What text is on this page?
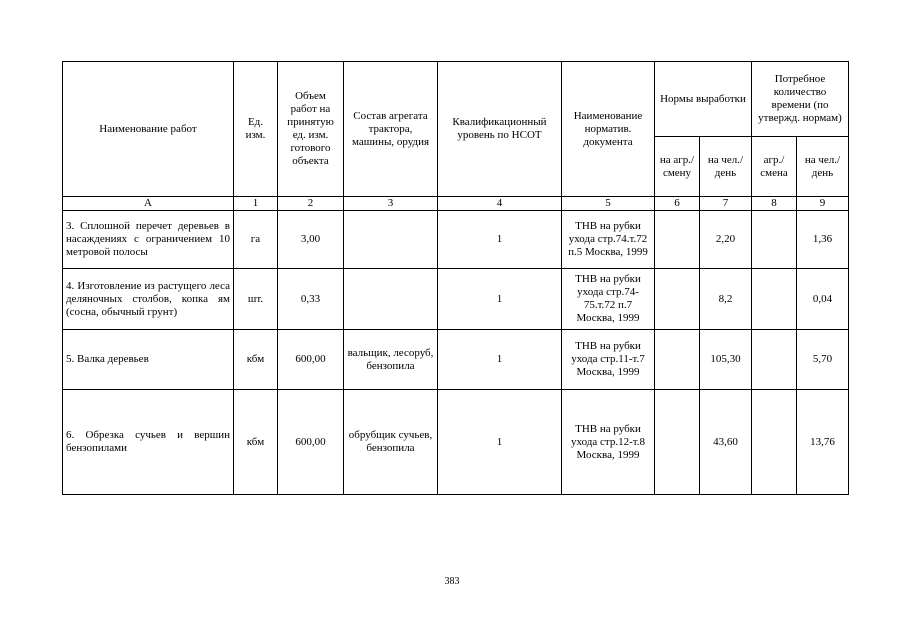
Наименование работ	Ед. изм.	Объем работ на принятую ед. изм. готового объекта	Состав агрегата трактора, машины, орудия	Квалификационный уровень по НСОТ	Наименование норматив. документа	Нормы выработки		Потребное количество времени (по утвержд. нормам)	
						на агр./ смену	на чел./ день	агр./ смена	на чел./ день
А	1	2	3	4	5	6	7	8	9
3. Сплошной перечет деревьев в насаждениях с ограничением 10 метровой полосы	га	3,00		1	ТНВ на рубки ухода стр.74.т.72 п.5 Москва, 1999		2,20		1,36
4. Изготовление из растущего леса деляночных столбов, копка ям (сосна, обычный грунт)	шт.	0,33		1	ТНВ на рубки ухода стр.74-75.т.72 п.7 Москва, 1999		8,2		0,04
5. Валка деревьев	кбм	600,00	вальщик, лесоруб, бензопила	1	ТНВ на рубки ухода стр.11-т.7 Москва, 1999		105,30		5,70
6. Обрезка сучьев и вершин бензопилами	кбм	600,00	обрубщик сучьев, бензопила	1	ТНВ на рубки ухода стр.12-т.8 Москва, 1999		43,60		13,76
383
